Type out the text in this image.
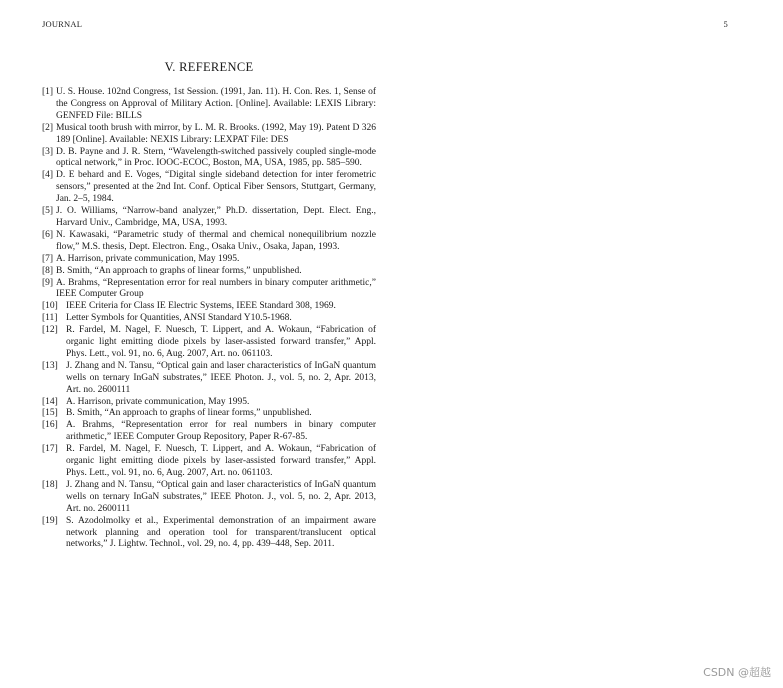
JOURNAL	5
V. REFERENCE
[1] U. S. House. 102nd Congress, 1st Session. (1991, Jan. 11). H. Con. Res. 1, Sense of the Congress on Approval of Military Action. [Online]. Available: LEXIS Library: GENFED File: BILLS
[2] Musical tooth brush with mirror, by L. M. R. Brooks. (1992, May 19). Patent D 326 189 [Online]. Available: NEXIS Library: LEXPAT File: DES
[3] D. B. Payne and J. R. Stern, “Wavelength-switched passively coupled single-mode optical network,” in Proc. IOOC-ECOC, Boston, MA, USA, 1985, pp. 585–590.
[4] D. E behard and E. Voges, “Digital single sideband detection for inter ferometric sensors,” presented at the 2nd Int. Conf. Optical Fiber Sensors, Stuttgart, Germany, Jan. 2–5, 1984.
[5] J. O. Williams, “Narrow-band analyzer,” Ph.D. dissertation, Dept. Elect. Eng., Harvard Univ., Cambridge, MA, USA, 1993.
[6] N. Kawasaki, “Parametric study of thermal and chemical nonequilibrium nozzle flow,” M.S. thesis, Dept. Electron. Eng., Osaka Univ., Osaka, Japan, 1993.
[7] A. Harrison, private communication, May 1995.
[8] B. Smith, “An approach to graphs of linear forms,” unpublished.
[9] A. Brahms, “Representation error for real numbers in binary computer arithmetic,” IEEE Computer Group
[10] IEEE Criteria for Class IE Electric Systems, IEEE Standard 308, 1969.
[11] Letter Symbols for Quantities, ANSI Standard Y10.5-1968.
[12] R. Fardel, M. Nagel, F. Nuesch, T. Lippert, and A. Wokaun, “Fabrication of organic light emitting diode pixels by laser-assisted forward transfer,” Appl. Phys. Lett., vol. 91, no. 6, Aug. 2007, Art. no. 061103.
[13] J. Zhang and N. Tansu, “Optical gain and laser characteristics of InGaN quantum wells on ternary InGaN substrates,” IEEE Photon. J., vol. 5, no. 2, Apr. 2013, Art. no. 2600111
[14] A. Harrison, private communication, May 1995.
[15] B. Smith, “An approach to graphs of linear forms,” unpublished.
[16] A. Brahms, “Representation error for real numbers in binary computer arithmetic,” IEEE Computer Group Repository, Paper R-67-85.
[17] R. Fardel, M. Nagel, F. Nuesch, T. Lippert, and A. Wokaun, “Fabrication of organic light emitting diode pixels by laser-assisted forward transfer,” Appl. Phys. Lett., vol. 91, no. 6, Aug. 2007, Art. no. 061103.
[18] J. Zhang and N. Tansu, “Optical gain and laser characteristics of InGaN quantum wells on ternary InGaN substrates,” IEEE Photon. J., vol. 5, no. 2, Apr. 2013, Art. no. 2600111
[19] S. Azodolmolky et al., Experimental demonstration of an impairment aware network planning and operation tool for transparent/translucent optical networks,” J. Lightw. Technol., vol. 29, no. 4, pp. 439–448, Sep. 2011.
CSDN @超越
